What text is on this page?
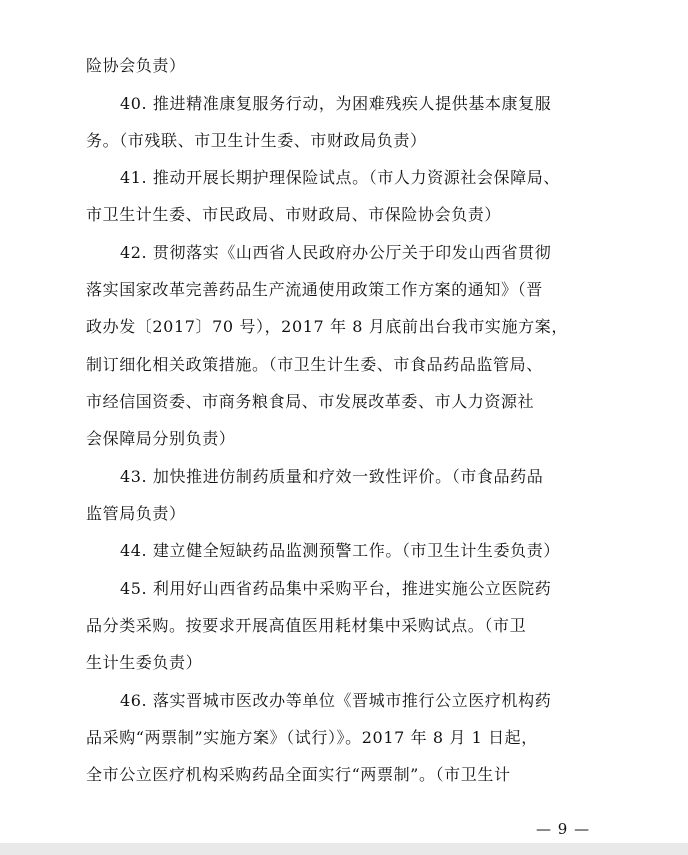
险协会负责）
40. 推进精准康复服务行动，为困难残疾人提供基本康复服
务。（市残联、市卫生计生委、市财政局负责）
41. 推动开展长期护理保险试点。（市人力资源社会保障局、
市卫生计生委、市民政局、市财政局、市保险协会负责）
42. 贯彻落实《山西省人民政府办公厅关于印发山西省贯彻
落实国家改革完善药品生产流通使用政策工作方案的通知》（晋
政办发〔2017〕70 号），2017 年 8 月底前出台我市实施方案，
制订细化相关政策措施。（市卫生计生委、市食品药品监管局、
市经信国资委、市商务粮食局、市发展改革委、市人力资源社
会保障局分别负责）
43. 加快推进仿制药质量和疗效一致性评价。（市食品药品
监管局负责）
44. 建立健全短缺药品监测预警工作。（市卫生计生委负责）
45. 利用好山西省药品集中采购平台，推进实施公立医院药
品分类采购。按要求开展高值医用耗材集中采购试点。（市卫
生计生委负责）
46. 落实晋城市医改办等单位《晋城市推行公立医疗机构药
品采购“两票制”实施方案》（试行）》。2017 年 8 月 1 日起，
全市公立医疗机构采购药品全面实行“两票制”。（市卫生计
— 9 —
